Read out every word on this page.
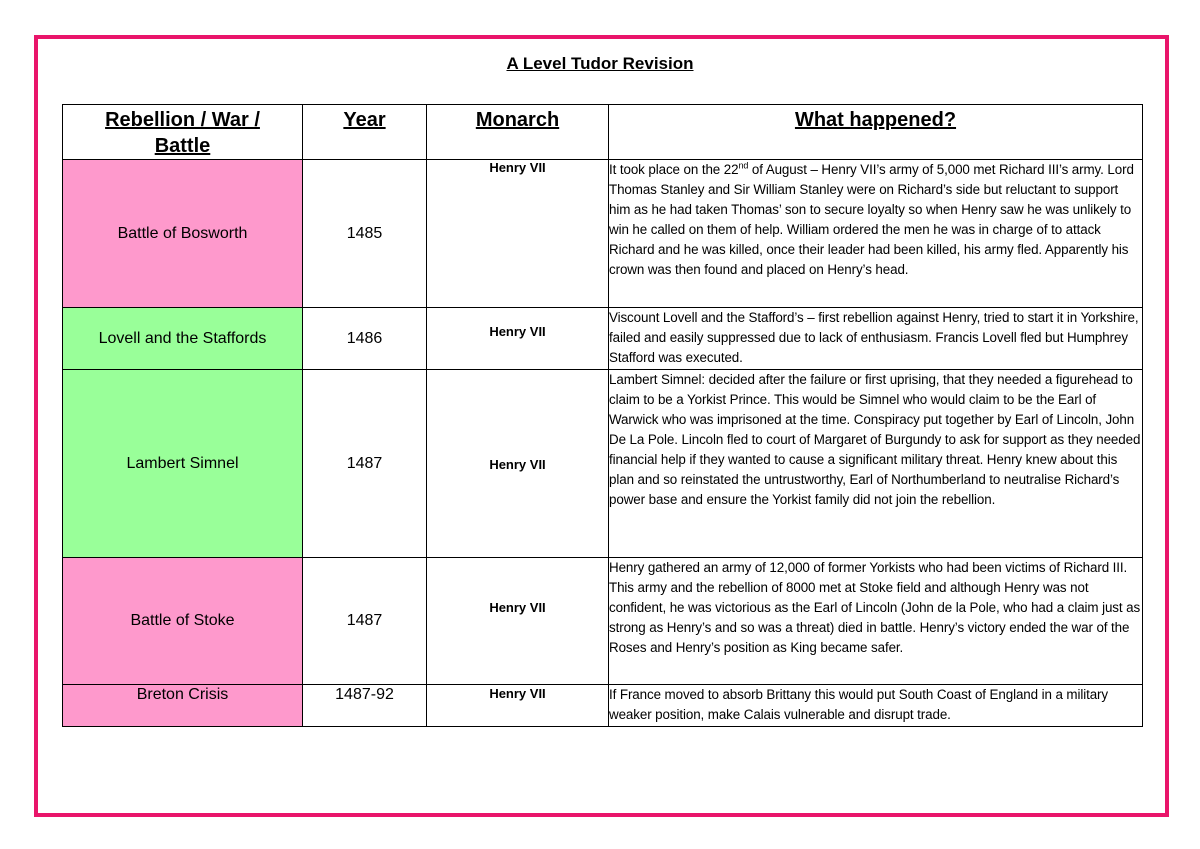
A Level Tudor Revision
Rebellion / War / Battle	Year	Monarch	What happened?
Battle of Bosworth	1485	Henry VII	It took place on the 22nd of August – Henry VII’s army of 5,000 met Richard III’s army. Lord Thomas Stanley and Sir William Stanley were on Richard’s side but reluctant to support him as he had taken Thomas’ son to secure loyalty so when Henry saw he was unlikely to win he called on them of help. William ordered the men he was in charge of to attack Richard and he was killed, once their leader had been killed, his army fled. Apparently his crown was then found and placed on Henry’s head.
Lovell and the Staffords	1486	Henry VII	Viscount Lovell and the Stafford’s – first rebellion against Henry, tried to start it in Yorkshire, failed and easily suppressed due to lack of enthusiasm. Francis Lovell fled but Humphrey Stafford was executed.
Lambert Simnel	1487	Henry VII	Lambert Simnel: decided after the failure or first uprising, that they needed a figurehead to claim to be a Yorkist Prince. This would be Simnel who would claim to be the Earl of Warwick who was imprisoned at the time. Conspiracy put together by Earl of Lincoln, John De La Pole. Lincoln fled to court of Margaret of Burgundy to ask for support as they needed financial help if they wanted to cause a significant military threat. Henry knew about this plan and so reinstated the untrustworthy, Earl of Northumberland to neutralise Richard’s power base and ensure the Yorkist family did not join the rebellion.
Battle of Stoke	1487	Henry VII	Henry gathered an army of 12,000 of former Yorkists who had been victims of Richard III. This army and the rebellion of 8000 met at Stoke field and although Henry was not confident, he was victorious as the Earl of Lincoln (John de la Pole, who had a claim just as strong as Henry’s and so was a threat) died in battle. Henry’s victory ended the war of the Roses and Henry’s position as King became safer.
Breton Crisis	1487-92	Henry VII	If France moved to absorb Brittany this would put South Coast of England in a military weaker position, make Calais vulnerable and disrupt trade.
